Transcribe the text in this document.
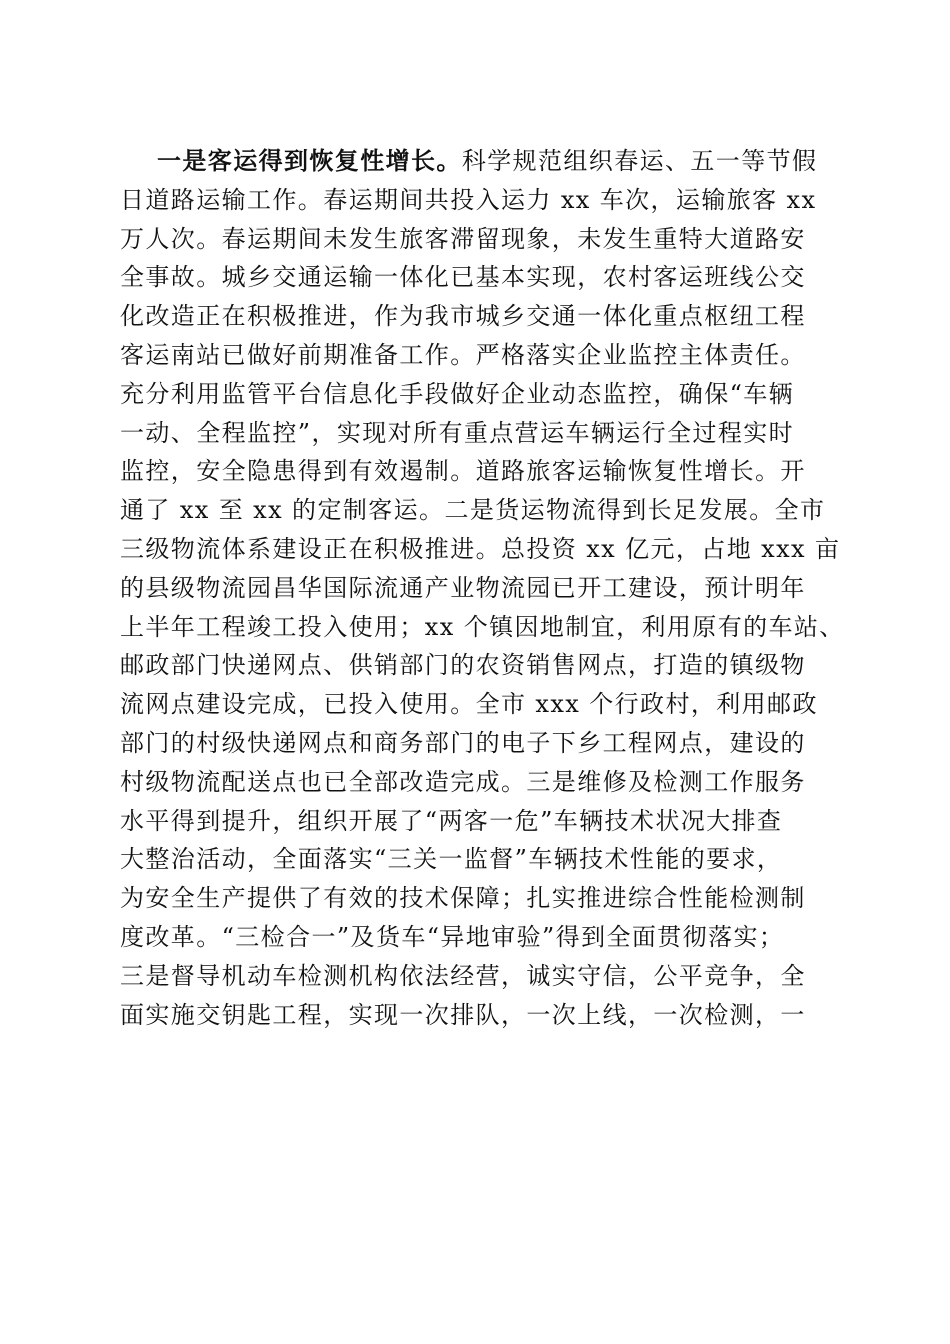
一是客运得到恢复性增长。科学规范组织春运、五一等节假
日道路运输工作。春运期间共投入运力 xx 车次，运输旅客 xx
万人次。春运期间未发生旅客滞留现象，未发生重特大道路安
全事故。城乡交通运输一体化已基本实现，农村客运班线公交
化改造正在积极推进，作为我市城乡交通一体化重点枢纽工程
客运南站已做好前期准备工作。严格落实企业监控主体责任。
充分利用监管平台信息化手段做好企业动态监控，确保“车辆
一动、全程监控”，实现对所有重点营运车辆运行全过程实时
监控，安全隐患得到有效遏制。道路旅客运输恢复性增长。开
通了 xx 至 xx 的定制客运。二是货运物流得到长足发展。全市
三级物流体系建设正在积极推进。总投资 xx 亿元，占地 xxx 亩
的县级物流园昌华国际流通产业物流园已开工建设，预计明年
上半年工程竣工投入使用；xx 个镇因地制宜，利用原有的车站、
邮政部门快递网点、供销部门的农资销售网点，打造的镇级物
流网点建设完成，已投入使用。全市 xxx 个行政村，利用邮政
部门的村级快递网点和商务部门的电子下乡工程网点，建设的
村级物流配送点也已全部改造完成。三是维修及检测工作服务
水平得到提升，组织开展了“两客一危”车辆技术状况大排查
大整治活动，全面落实“三关一监督”车辆技术性能的要求，
为安全生产提供了有效的技术保障；扎实推进综合性能检测制
度改革。“三检合一”及货车“异地审验”得到全面贯彻落实；
三是督导机动车检测机构依法经营，诚实守信，公平竞争，全
面实施交钥匙工程，实现一次排队，一次上线，一次检测，一
